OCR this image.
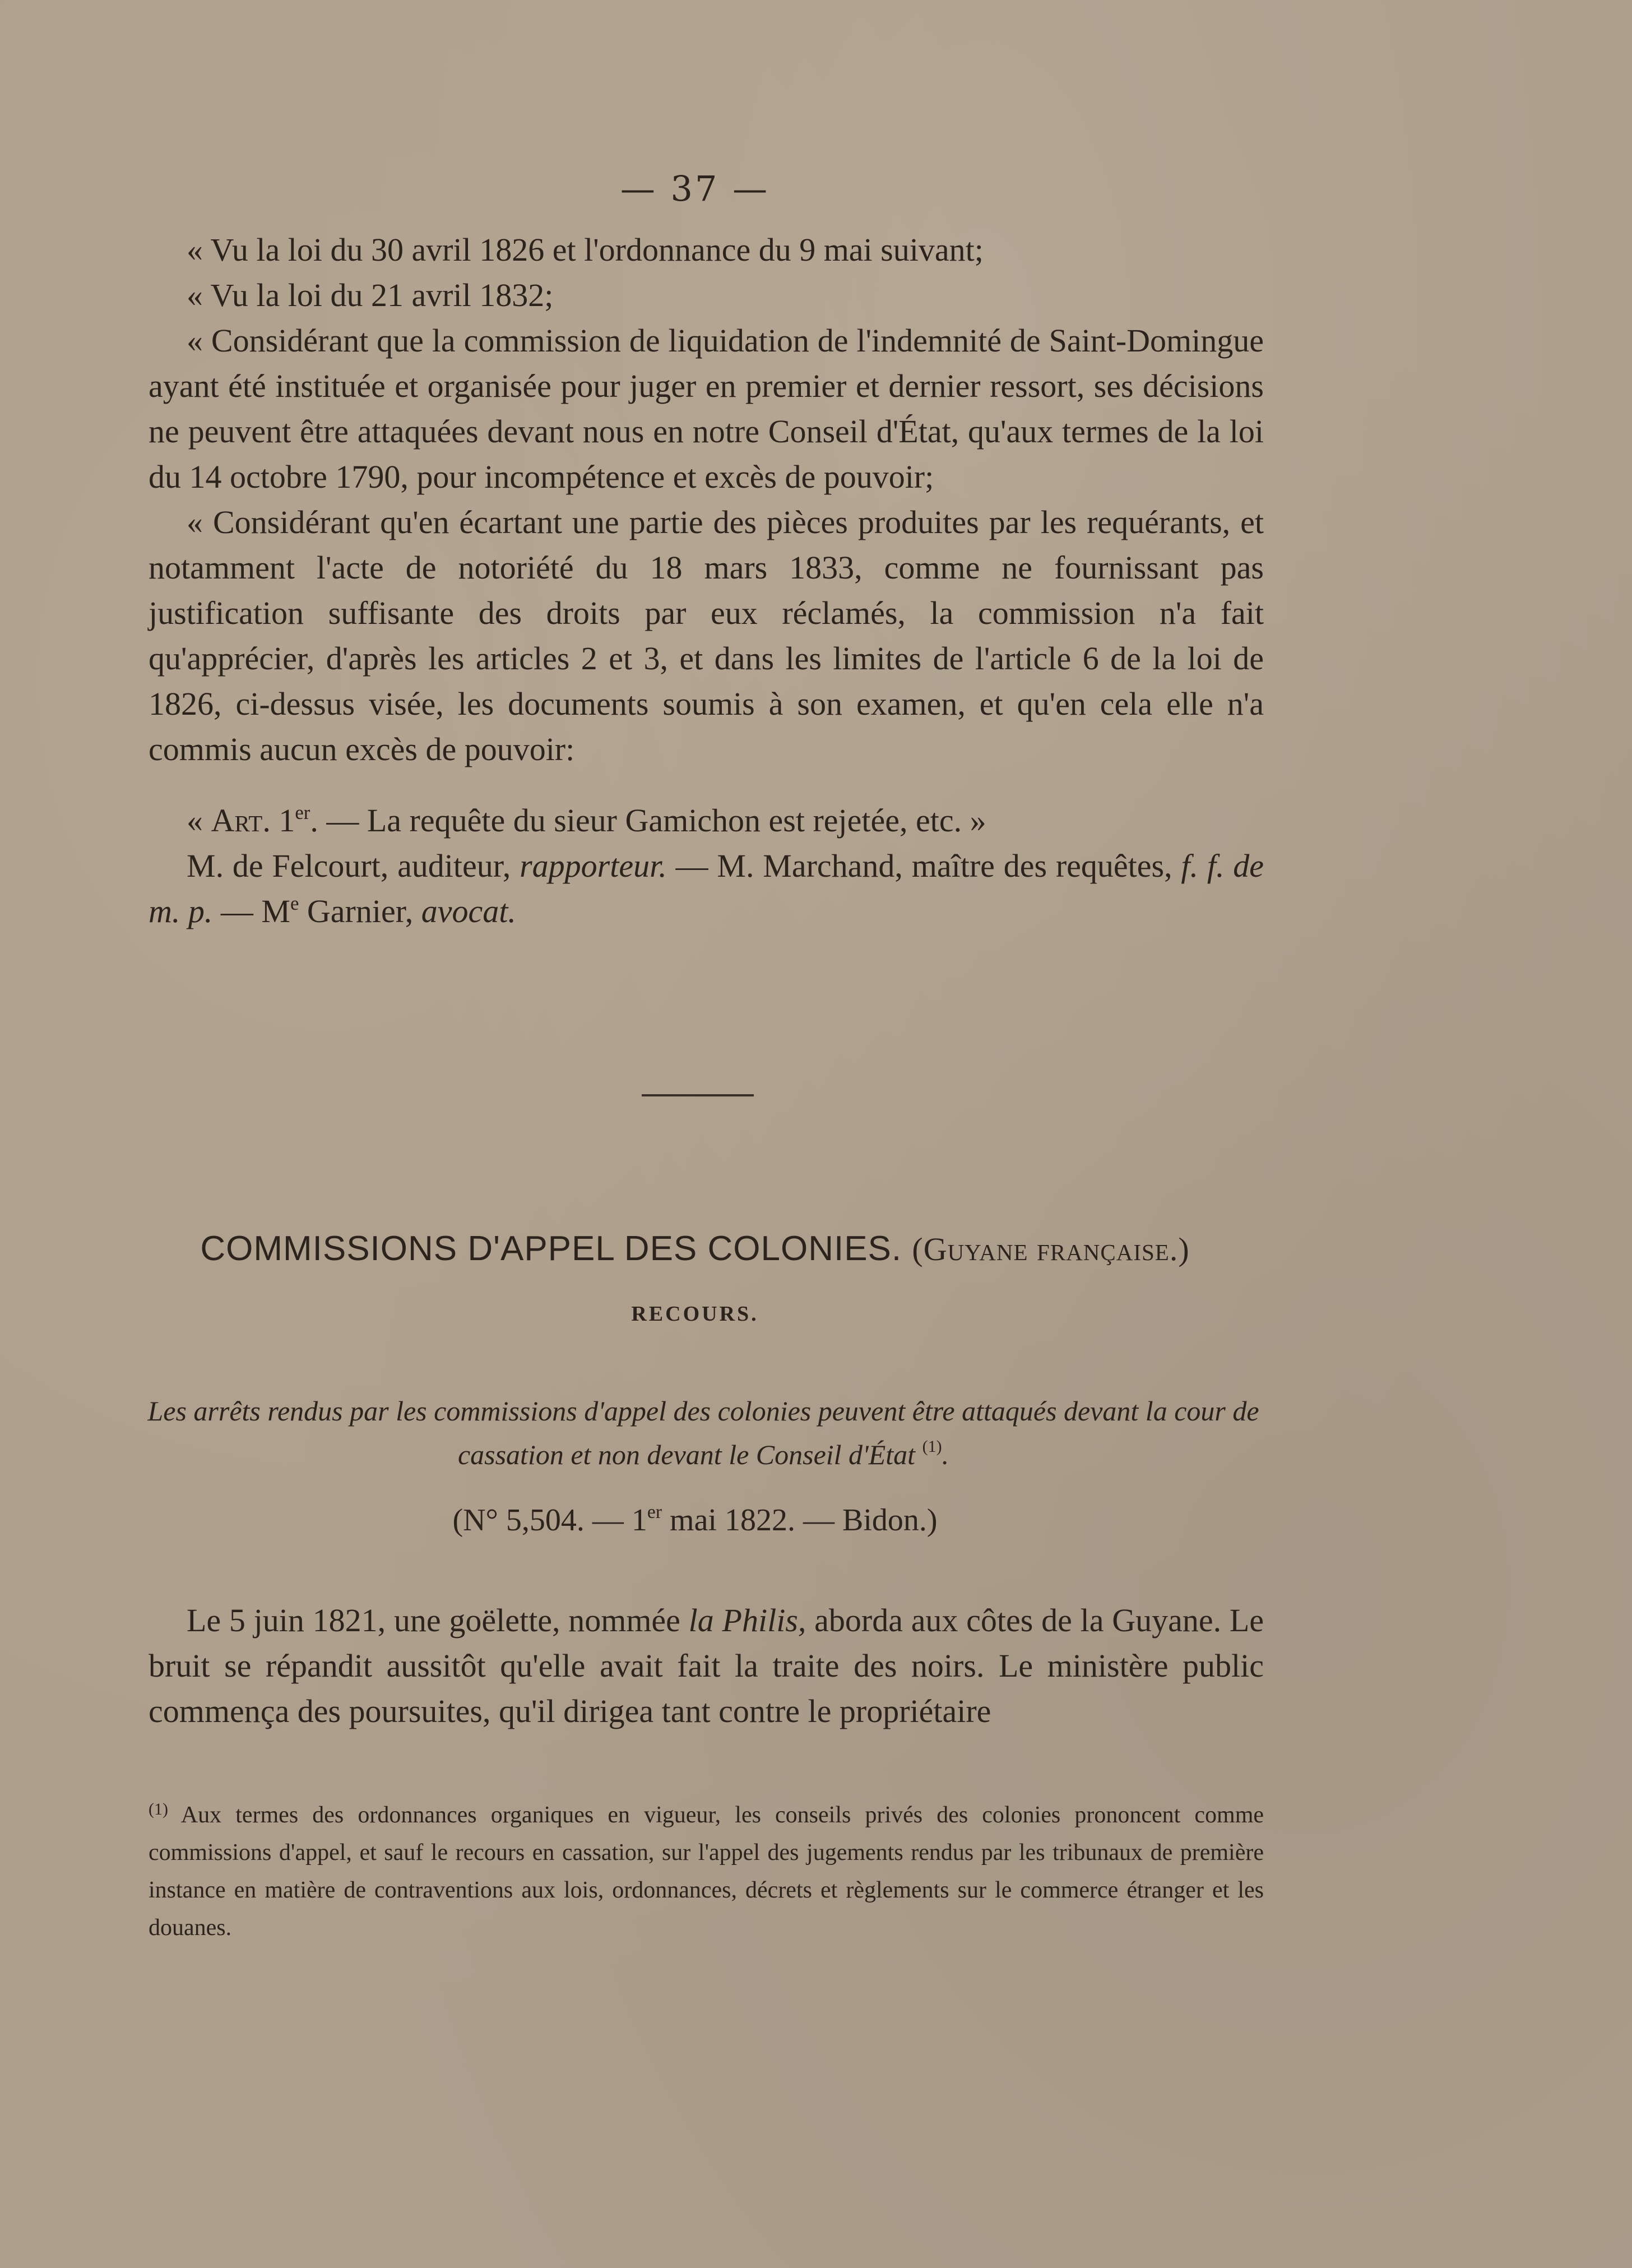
— 37 —

« Vu la loi du 30 avril 1826 et l'ordonnance du 9 mai suivant;

« Vu la loi du 21 avril 1832;

« Considérant que la commission de liquidation de l'indemnité de Saint-Domingue ayant été instituée et organisée pour juger en premier et dernier ressort, ses décisions ne peuvent être attaquées devant nous en notre Conseil d'État, qu'aux termes de la loi du 14 octobre 1790, pour incompétence et excès de pouvoir;

« Considérant qu'en écartant une partie des pièces produites par les requérants, et notamment l'acte de notoriété du 18 mars 1833, comme ne fournissant pas justification suffisante des droits par eux réclamés, la commission n'a fait qu'apprécier, d'après les articles 2 et 3, et dans les limites de l'article 6 de la loi de 1826, ci-dessus visée, les documents soumis à son examen, et qu'en cela elle n'a commis aucun excès de pouvoir:

« Art. 1er. — La requête du sieur Gamichon est rejetée, etc. »

M. de Felcourt, auditeur, rapporteur. — M. Marchand, maître des requêtes, f. f. de m. p. — Me Garnier, avocat.

COMMISSIONS D'APPEL DES COLONIES. (Guyane française.)
RECOURS.
Les arrêts rendus par les commissions d'appel des colonies peuvent être attaqués devant la cour de cassation et non devant le Conseil d'État $^{(1)}$.
(N° 5,504. — 1er mai 1822. — Bidon.)

Le 5 juin 1821, une goëlette, nommée la Philis, aborda aux côtes de la Guyane. Le bruit se répandit aussitôt qu'elle avait fait la traite des noirs. Le ministère public commença des poursuites, qu'il dirigea tant contre le propriétaire

$^{(1)}$ Aux termes des ordonnances organiques en vigueur, les conseils privés des colonies prononcent comme commissions d'appel, et sauf le recours en cassation, sur l'appel des jugements rendus par les tribunaux de première instance en matière de contraventions aux lois, ordonnances, décrets et règlements sur le commerce étranger et les douanes.
